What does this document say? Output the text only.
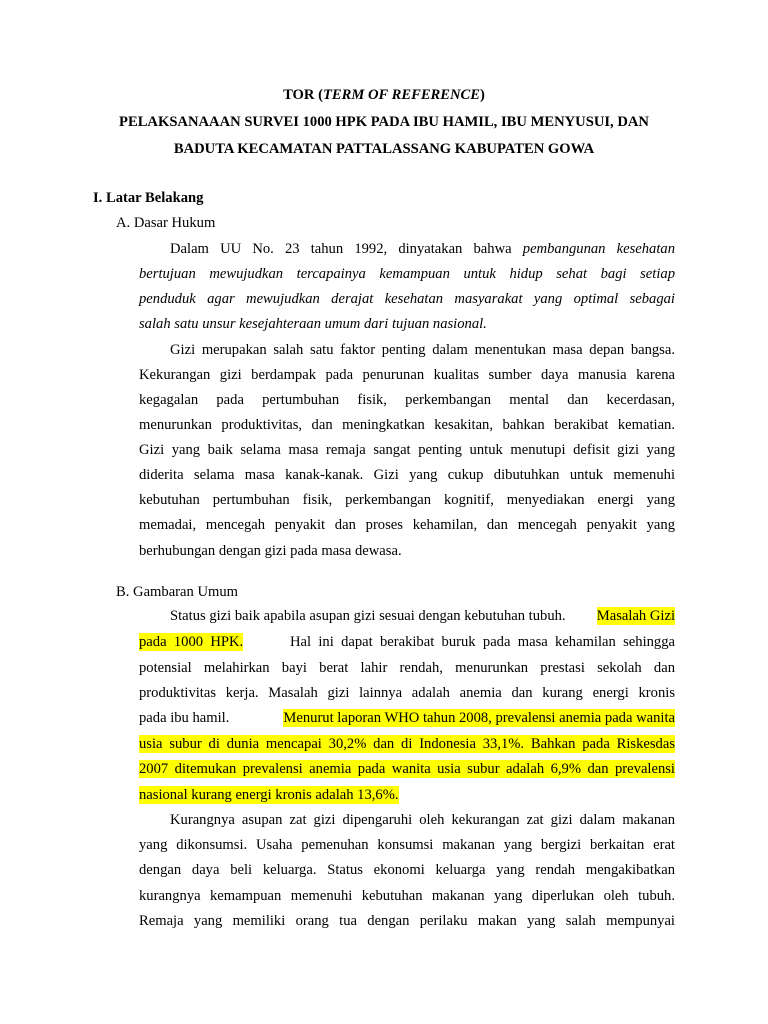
TOR (TERM OF REFERENCE)
PELAKSANAAAN SURVEI 1000 HPK PADA IBU HAMIL, IBU MENYUSUI, DAN
BADUTA KECAMATAN PATTALASSANG KABUPATEN GOWA
I. Latar Belakang
A. Dasar Hukum
Dalam UU No. 23 tahun 1992, dinyatakan bahwa pembangunan kesehatan
bertujuan mewujudkan tercapainya kemampuan untuk hidup sehat bagi setiap
penduduk agar mewujudkan derajat kesehatan masyarakat yang optimal sebagai
salah satu unsur kesejahteraan umum dari tujuan nasional.
Gizi merupakan salah satu faktor penting dalam menentukan masa depan bangsa.
Kekurangan gizi berdampak pada penurunan kualitas sumber daya manusia karena
kegagalan pada pertumbuhan fisik, perkembangan mental dan kecerdasan,
menurunkan produktivitas, dan meningkatkan kesakitan, bahkan berakibat kematian.
Gizi yang baik selama masa remaja sangat penting untuk menutupi defisit gizi yang
diderita selama masa kanak-kanak. Gizi yang cukup dibutuhkan untuk memenuhi
kebutuhan pertumbuhan fisik, perkembangan kognitif, menyediakan energi yang
memadai, mencegah penyakit dan proses kehamilan, dan mencegah penyakit yang
berhubungan dengan gizi pada masa dewasa.
B. Gambaran Umum
Status gizi baik apabila asupan gizi sesuai dengan kebutuhan tubuh. Masalah Gizi
pada  1000  HPK.	Hal  ini  dapat  berakibat  buruk  pada  masa  kehamilan  sehingga
potensial melahirkan bayi berat lahir rendah, menurunkan prestasi sekolah dan
produktivitas kerja. Masalah gizi lainnya adalah anemia dan kurang energi kronis
pada ibu hamil.	Menurut laporan WHO tahun 2008, prevalensi anemia pada wanita
usia subur di dunia mencapai 30,2% dan di Indonesia 33,1%. Bahkan pada Riskesdas
2007 ditemukan prevalensi anemia pada wanita usia subur adalah 6,9% dan prevalensi
nasional kurang energi kronis adalah 13,6%.
Kurangnya asupan zat gizi dipengaruhi oleh kekurangan zat gizi dalam makanan
yang dikonsumsi. Usaha pemenuhan konsumsi makanan yang bergizi berkaitan erat
dengan daya beli keluarga. Status ekonomi keluarga yang rendah mengakibatkan
kurangnya kemampuan memenuhi kebutuhan makanan yang diperlukan oleh tubuh.
Remaja yang memiliki orang tua dengan perilaku makan yang salah mempunyai
